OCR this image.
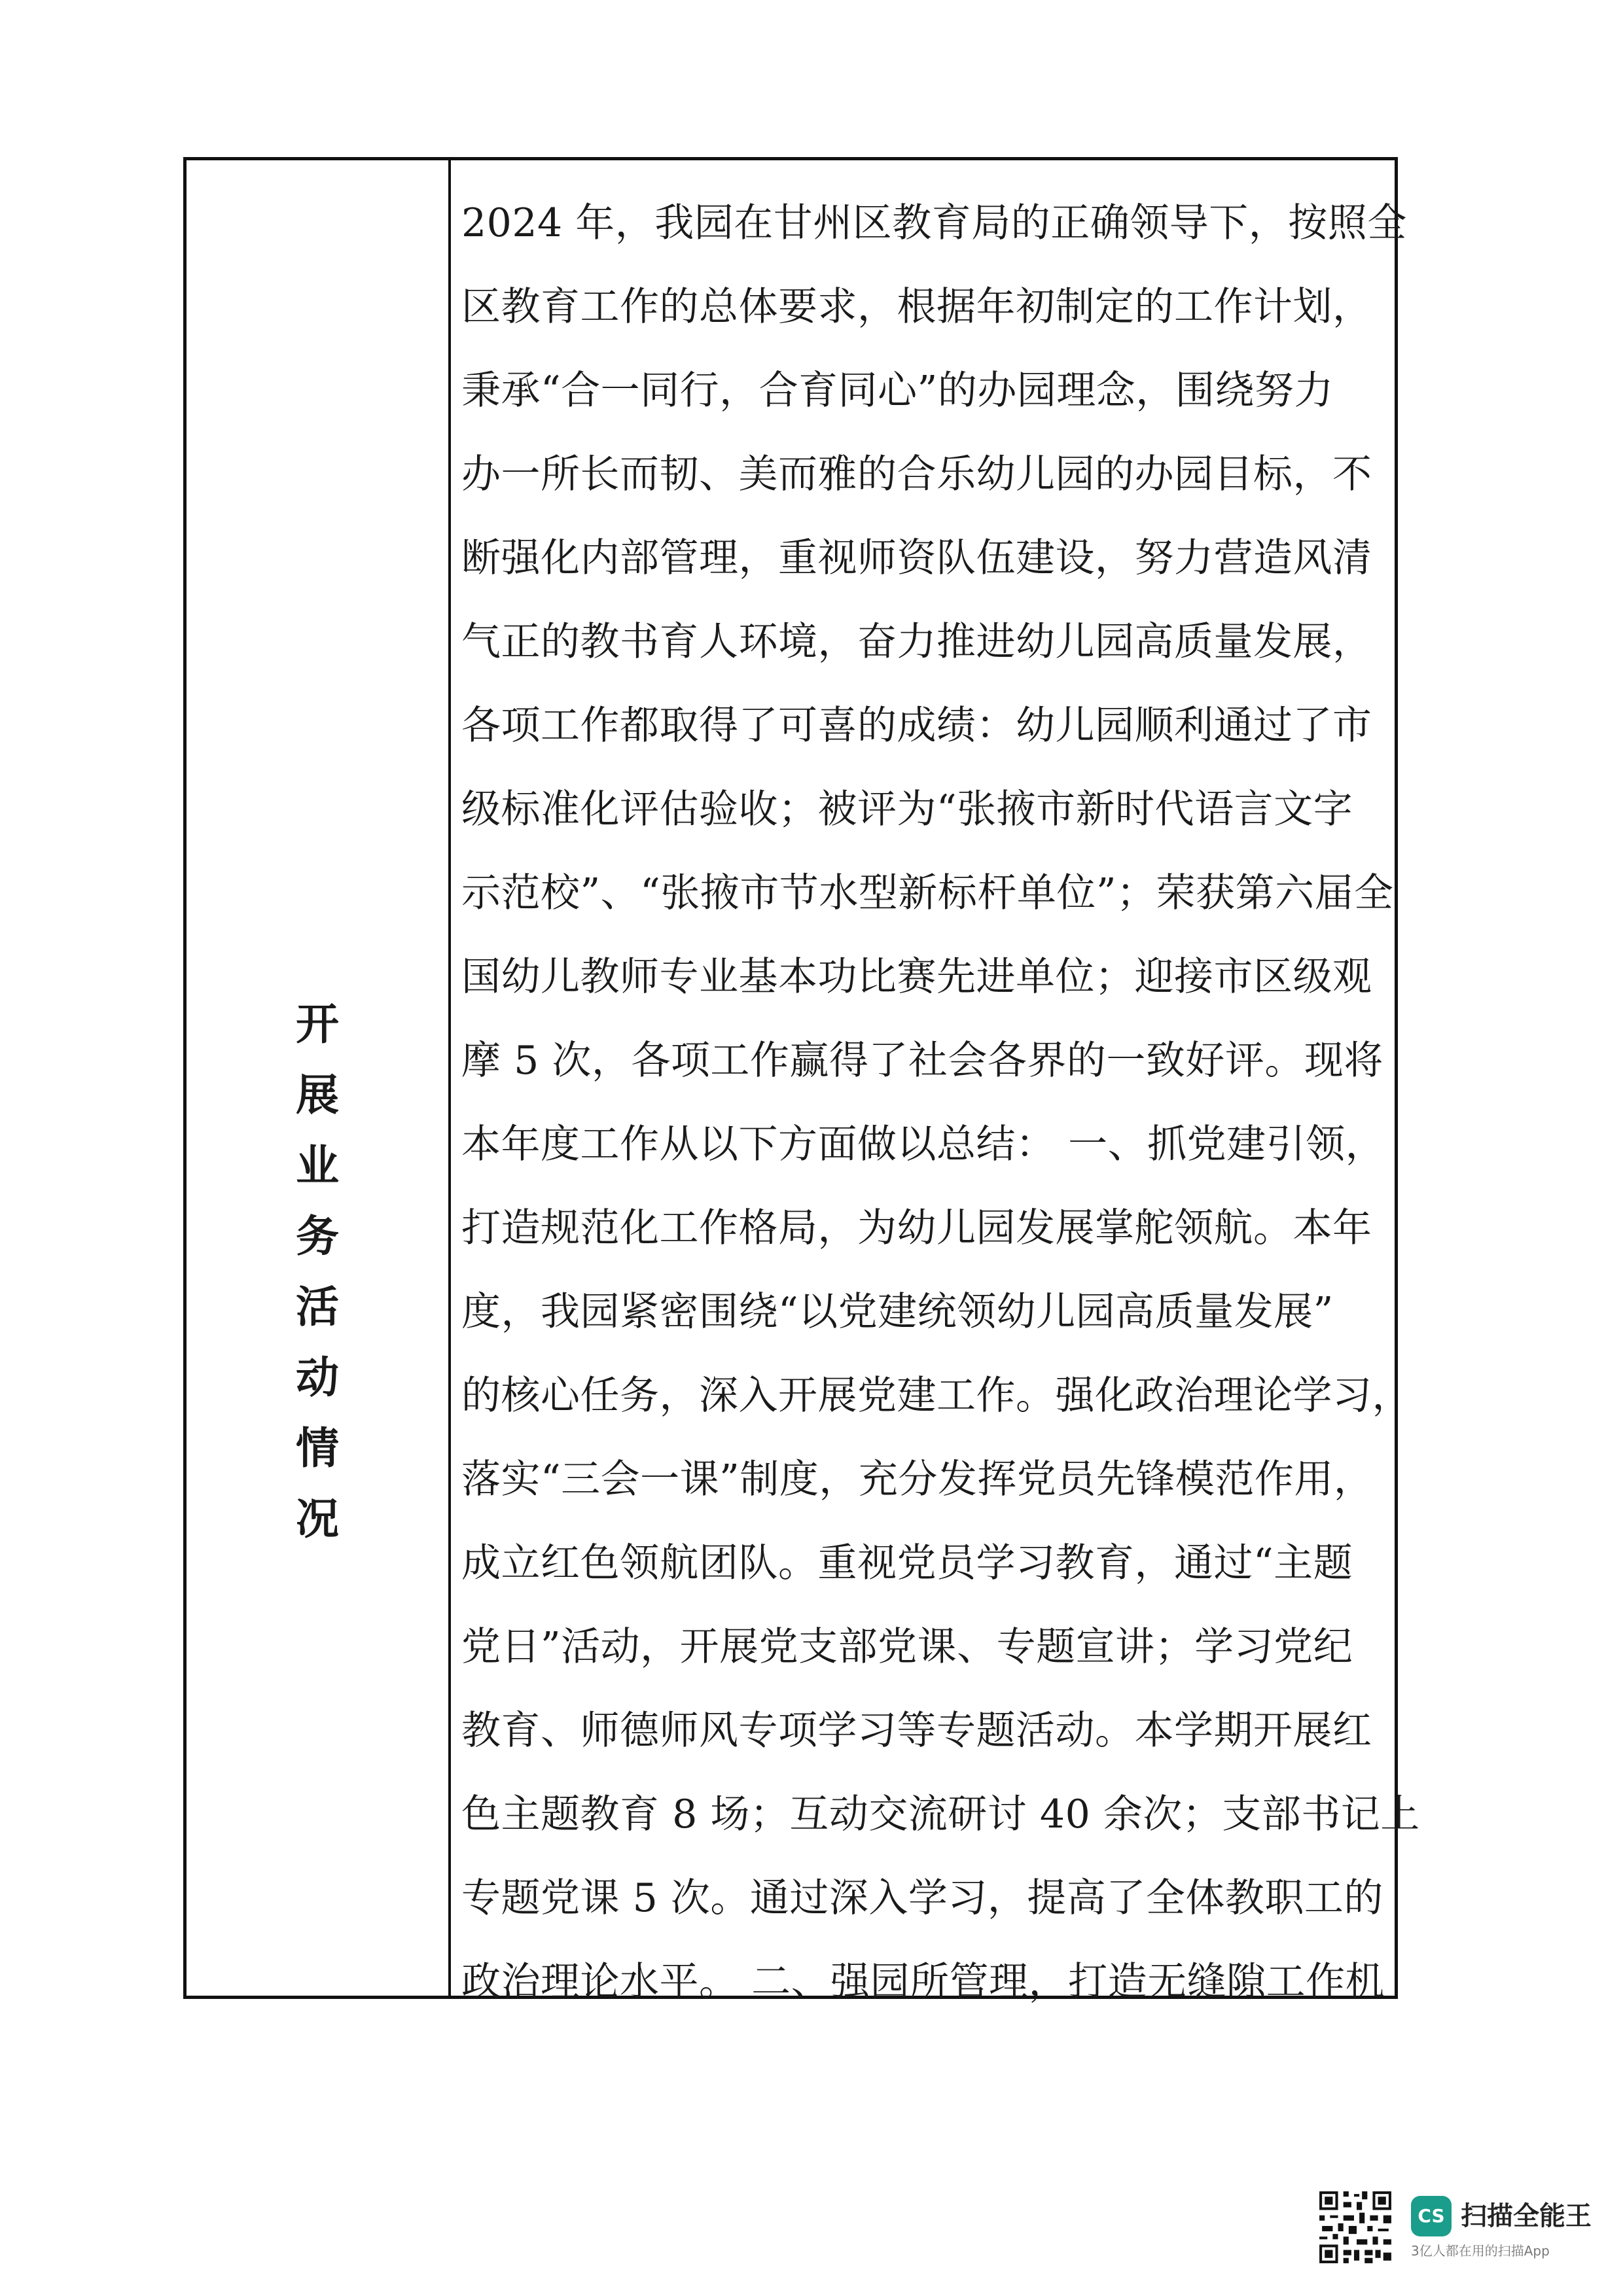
开
展
业
务
活
动
情
况
2024 年，我园在甘州区教育局的正确领导下，按照全
区教育工作的总体要求，根据年初制定的工作计划，
秉承“合一同行，合育同心”的办园理念，围绕努力
办一所长而韧、美而雅的合乐幼儿园的办园目标，不
断强化内部管理，重视师资队伍建设，努力营造风清
气正的教书育人环境，奋力推进幼儿园高质量发展，
各项工作都取得了可喜的成绩：幼儿园顺利通过了市
级标准化评估验收；被评为“张掖市新时代语言文字
示范校”、“张掖市节水型新标杆单位”；荣获第六届全
国幼儿教师专业基本功比赛先进单位；迎接市区级观
摩 5 次，各项工作赢得了社会各界的一致好评。现将
本年度工作从以下方面做以总结： 一、抓党建引领，
打造规范化工作格局，为幼儿园发展掌舵领航。本年
度，我园紧密围绕“以党建统领幼儿园高质量发展”
的核心任务，深入开展党建工作。强化政治理论学习，
落实“三会一课”制度，充分发挥党员先锋模范作用，
成立红色领航团队。重视党员学习教育，通过“主题
党日”活动，开展党支部党课、专题宣讲；学习党纪
教育、师德师风专项学习等专题活动。本学期开展红
色主题教育 8 场；互动交流研讨 40 余次；支部书记上
专题党课 5 次。通过深入学习，提高了全体教职工的
政治理论水平。 二、强园所管理，打造无缝隙工作机
CS 扫描全能王
3亿人都在用的扫描App
